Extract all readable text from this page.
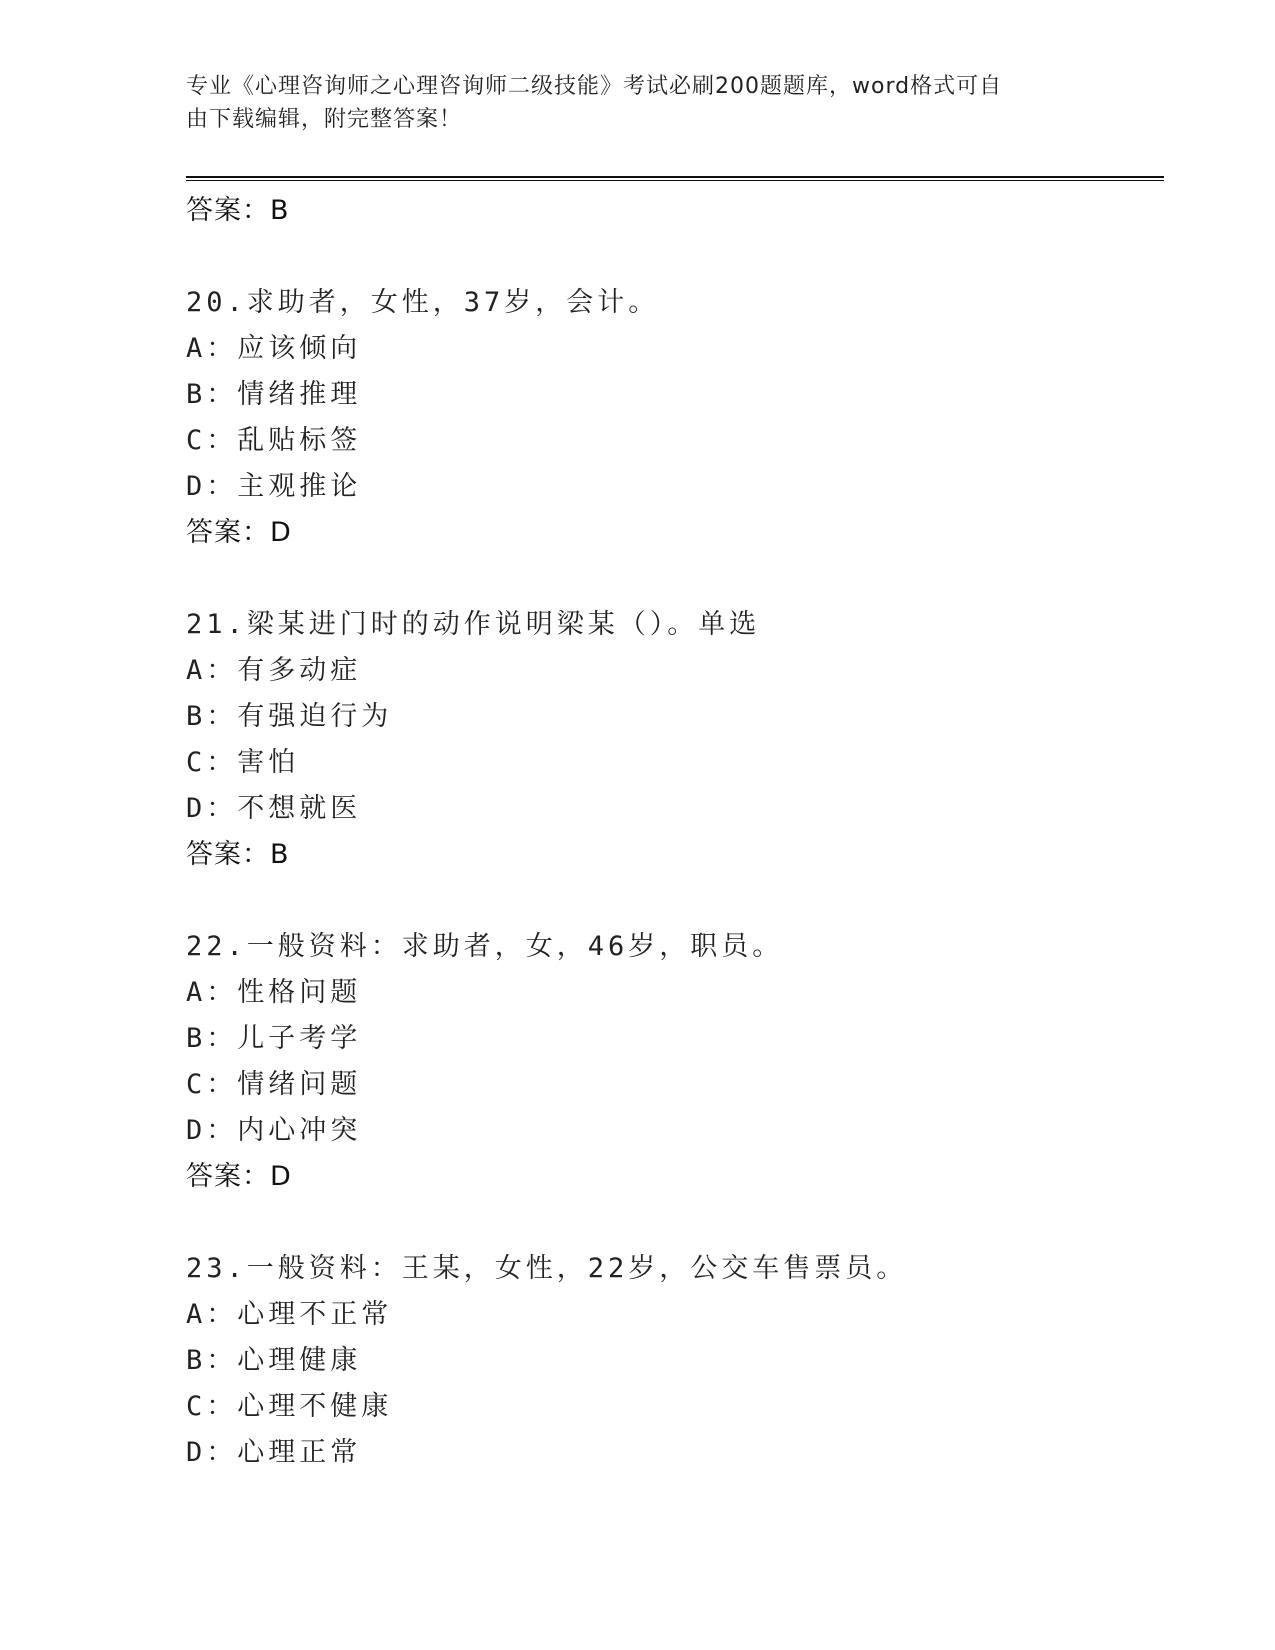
专业《心理咨询师之心理咨询师二级技能》考试必刷200题题库，word格式可自
由下载编辑，附完整答案！
答案：B
20.求助者，女性，37岁，会计。
A：应该倾向
B：情绪推理
C：乱贴标签
D：主观推论
答案：D
21.梁某进门时的动作说明梁某（）。单选
A：有多动症
B：有强迫行为
C：害怕
D：不想就医
答案：B
22.一般资料：求助者，女，46岁，职员。
A：性格问题
B：儿子考学
C：情绪问题
D：内心冲突
答案：D
23.一般资料：王某，女性，22岁，公交车售票员。
A：心理不正常
B：心理健康
C：心理不健康
D：心理正常
